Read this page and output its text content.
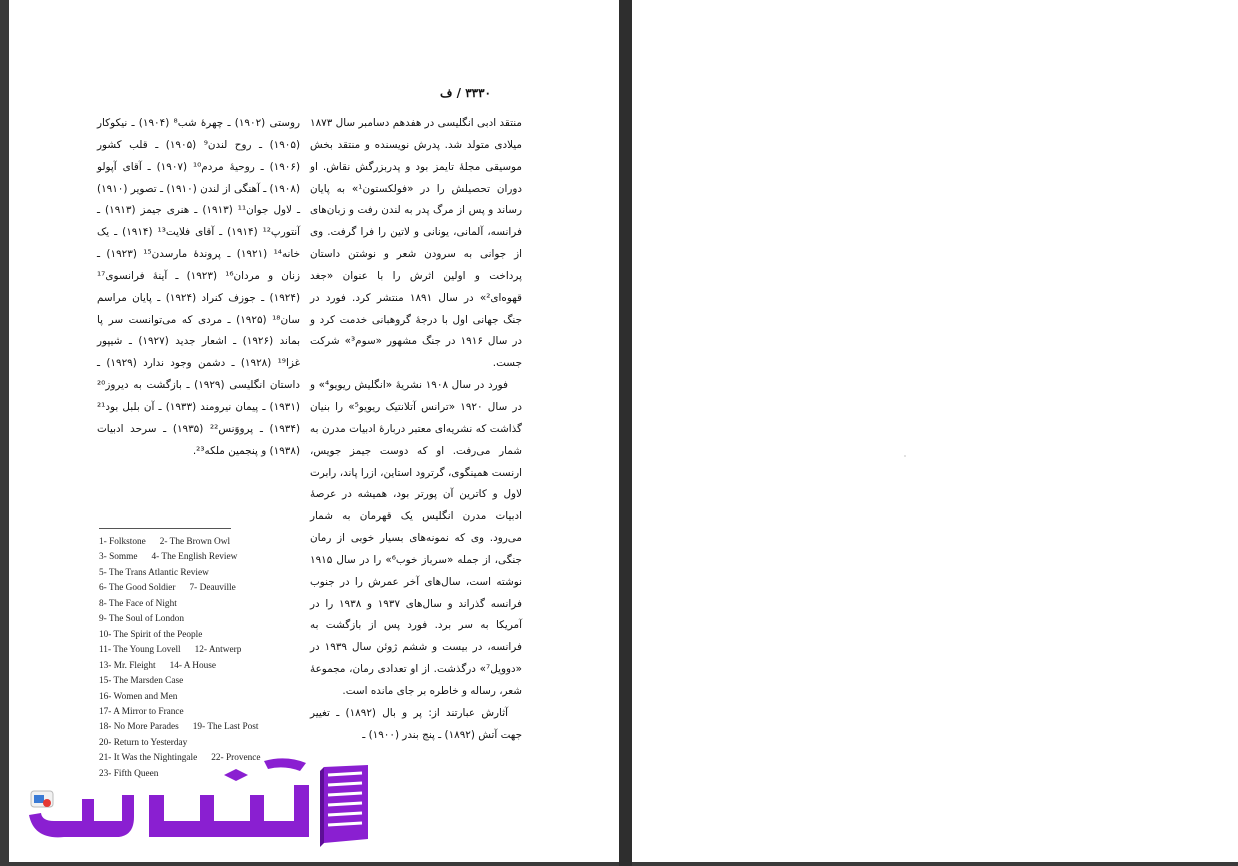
۳۳۳۰ / ف

منتقد ادبی انگلیسی در هفدهم دسامبر سال ۱۸۷۳ میلادی متولد شد. پدرش نویسنده و منتقد بخش موسیقی مجلهٔ تایمز بود و پدربزرگش نقاش. او دوران تحصیلش را در «فولکستون¹» به پایان رساند و پس از مرگ پدر به لندن رفت و زبان‌های فرانسه، آلمانی، یونانی و لاتین را فرا گرفت. وی از جوانی به سرودن شعر و نوشتن داستان پرداخت و اولین اثرش را با عنوان «جغد قهوه‌ای²» در سال ۱۸۹۱ منتشر کرد. فورد در جنگ جهانی اول با درجهٔ گروهبانی خدمت کرد و در سال ۱۹۱۶ در جنگ مشهور «سوم³» شرکت جست.

فورد در سال ۱۹۰۸ نشریهٔ «انگلیش ریویو⁴» و در سال ۱۹۲۰ «ترانس آتلانتیک ریویو⁵» را بنیان گذاشت که نشریه‌ای معتبر دربارهٔ ادبیات مدرن به شمار می‌رفت. او که دوست جیمز جویس، ارنست همینگوی، گرترود استاین، ازرا پاند، رابرت لاول و کاترین آن پورتر بود، همیشه در عرصهٔ ادبیات مدرن انگلیس یک قهرمان به شمار می‌رود. وی که نمونه‌های بسیار خوبی از رمان جنگی، از جمله «سرباز خوب⁶» را در سال ۱۹۱۵ نوشته است، سال‌های آخر عمرش را در جنوب فرانسه گذراند و سال‌های ۱۹۳۷ و ۱۹۳۸ را در آمریکا به سر برد. فورد پس از بازگشت به فرانسه، در بیست و ششم ژوئن سال ۱۹۳۹ در «دوویل⁷» درگذشت. از او تعدادی رمان، مجموعهٔ شعر، رساله و خاطره بر جای مانده است.

آثارش عبارتند از: پر و بال (۱۸۹۲) ـ تغییر جهت آتش (۱۸۹۲) ـ پنج بندر (۱۹۰۰) ـ

روستی (۱۹۰۲) ـ چهرهٔ شب⁸ (۱۹۰۴) ـ نیکوکار (۱۹۰۵) ـ روح لندن⁹ (۱۹۰۵) ـ قلب کشور (۱۹۰۶) ـ روحیهٔ مردم¹⁰ (۱۹۰۷) ـ آقای آپولو (۱۹۰۸) ـ آهنگی از لندن (۱۹۱۰) ـ تصویر (۱۹۱۰) ـ لاول جوان¹¹ (۱۹۱۳) ـ هنری جیمز (۱۹۱۳) ـ آنتورپ¹² (۱۹۱۴) ـ آقای فلایت¹³ (۱۹۱۴) ـ یک خانه¹⁴ (۱۹۲۱) ـ پروندهٔ مارسدن¹⁵ (۱۹۲۳) ـ زنان و مردان¹⁶ (۱۹۲۳) ـ آینهٔ فرانسوی¹⁷ (۱۹۲۴) ـ جوزف کنراد (۱۹۲۴) ـ پایان مراسم سان¹⁸ (۱۹۲۵) ـ مردی که می‌توانست سر پا بماند (۱۹۲۶) ـ اشعار جدید (۱۹۲۷) ـ شیپور غزا¹⁹ (۱۹۲۸) ـ دشمن وجود ندارد (۱۹۲۹) ـ داستان انگلیسی (۱۹۲۹) ـ بازگشت به دیروز²⁰ (۱۹۳۱) ـ پیمان نیرومند (۱۹۳۳) ـ آن بلبل بود²¹ (۱۹۳۴) ـ پرووَنس²² (۱۹۳۵) ـ سرحد ادبیات (۱۹۳۸) و پنجمین ملکه²³.

1- Folkstone 2- The Brown Owl
3- Somme 4- The English Review
5- The Trans Atlantic Review
6- The Good Soldier 7- Deauville
8- The Face of Night
9- The Soul of London
10- The Spirit of the People
11- The Young Lovell 12- Antwerp
13- Mr. Fleight 14- A House
15- The Marsden Case
16- Women and Men
17- A Mirror to France
18- No More Parades 19- The Last Post
20- Return to Yesterday
21- It Was the Nightingale 22- Provence
23- Fifth Queen
